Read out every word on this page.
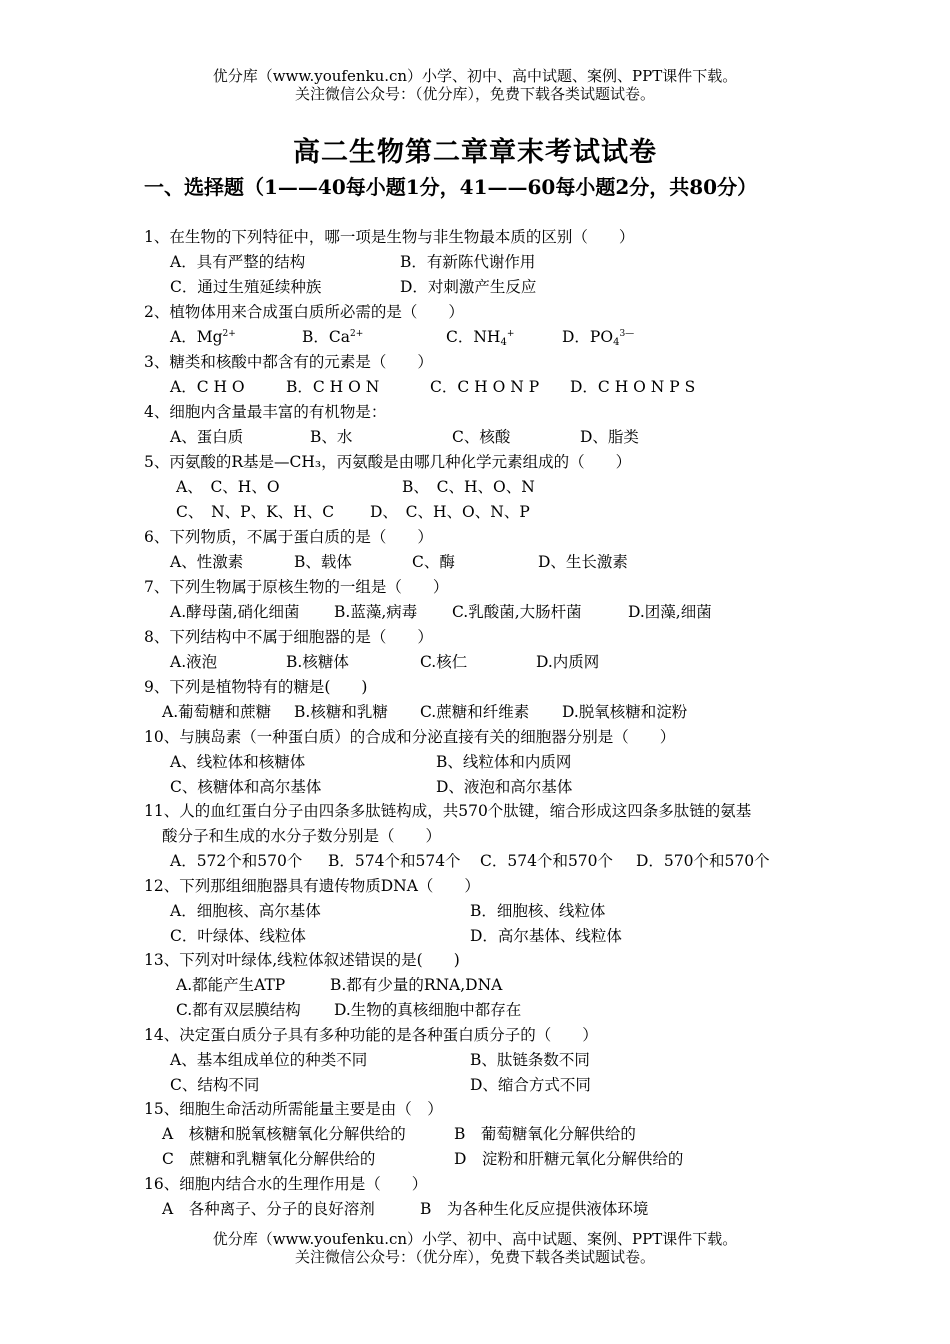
优分库（www.youfenku.cn）小学、初中、高中试题、案例、PPT课件下载。
关注微信公众号：（优分库），免费下载各类试题试卷。
高二生物第二章章末考试试卷
一、选择题（1——40每小题1分，41——60每小题2分，共80分）
1、在生物的下列特征中，哪一项是生物与非生物最本质的区别（　　）
A．具有严整的结构	B．有新陈代谢作用
C．通过生殖延续种族	D．对刺激产生反应
2、植物体用来合成蛋白质所必需的是（　　）
A．$Mg^{2+}$	B．$Ca^{2+}$	C．$NH_4^+$	D．$PO_4^{3—}$
3、糖类和核酸中都含有的元素是（　　）
A．C H O	B．C H O N	C．C H O N P D．C H O N P S
4、细胞内含量最丰富的有机物是：
A、蛋白质	B、水	C、核酸	D、脂类
5、丙氨酸的R基是—CH₃，丙氨酸是由哪几种化学元素组成的（　　）
A、　C、H、O	B、　C、H、O、N
C、　N、P、K、H、C D、　C、H、O、N、P
6、下列物质，不属于蛋白质的是（　　）
A、性激素	B、载体	C、酶	D、生长激素
7、下列生物属于原核生物的一组是（　　）
A.酵母菌,硝化细菌 B.蓝藻,病毒 C.乳酸菌,大肠杆菌	D.团藻,细菌
8、下列结构中不属于细胞器的是（　　）
A.液泡	B.核糖体	C.核仁	D.内质网
9、下列是植物特有的糖是(　　)
A.葡萄糖和蔗糖 B.核糖和乳糖 C.蔗糖和纤维素 D.脱氧核糖和淀粉
10、与胰岛素（一种蛋白质）的合成和分泌直接有关的细胞器分别是（　　）
A、线粒体和核糖体	B、线粒体和内质网
C、核糖体和高尔基体	D、液泡和高尔基体
11、人的血红蛋白分子由四条多肽链构成，共570个肽键，缩合形成这四条多肽链的氨基
酸分子和生成的水分子数分别是（　　）
A．572个和570个 B．574个和574个 C．574个和570个 D．570个和570个
12、下列那组细胞器具有遗传物质DNA（　　）
A．细胞核、高尔基体	B．细胞核、线粒体
C．叶绿体、线粒体	D．高尔基体、线粒体
13、下列对叶绿体,线粒体叙述错误的是(　　)
A.都能产生ATP	B.都有少量的RNA,DNA
C.都有双层膜结构 D.生物的真核细胞中都存在
14、决定蛋白质分子具有多种功能的是各种蛋白质分子的（　　）
A、基本组成单位的种类不同	B、肽链条数不同
C、结构不同	D、缩合方式不同
15、细胞生命活动所需能量主要是由（　）
A　核糖和脱氧核糖氧化分解供给的	B　葡萄糖氧化分解供给的
C　蔗糖和乳糖氧化分解供给的	D　淀粉和肝糖元氧化分解供给的
16、细胞内结合水的生理作用是（　　）
A　各种离子、分子的良好溶剂	B　为各种生化反应提供液体环境
优分库（www.youfenku.cn）小学、初中、高中试题、案例、PPT课件下载。
关注微信公众号：（优分库），免费下载各类试题试卷。
